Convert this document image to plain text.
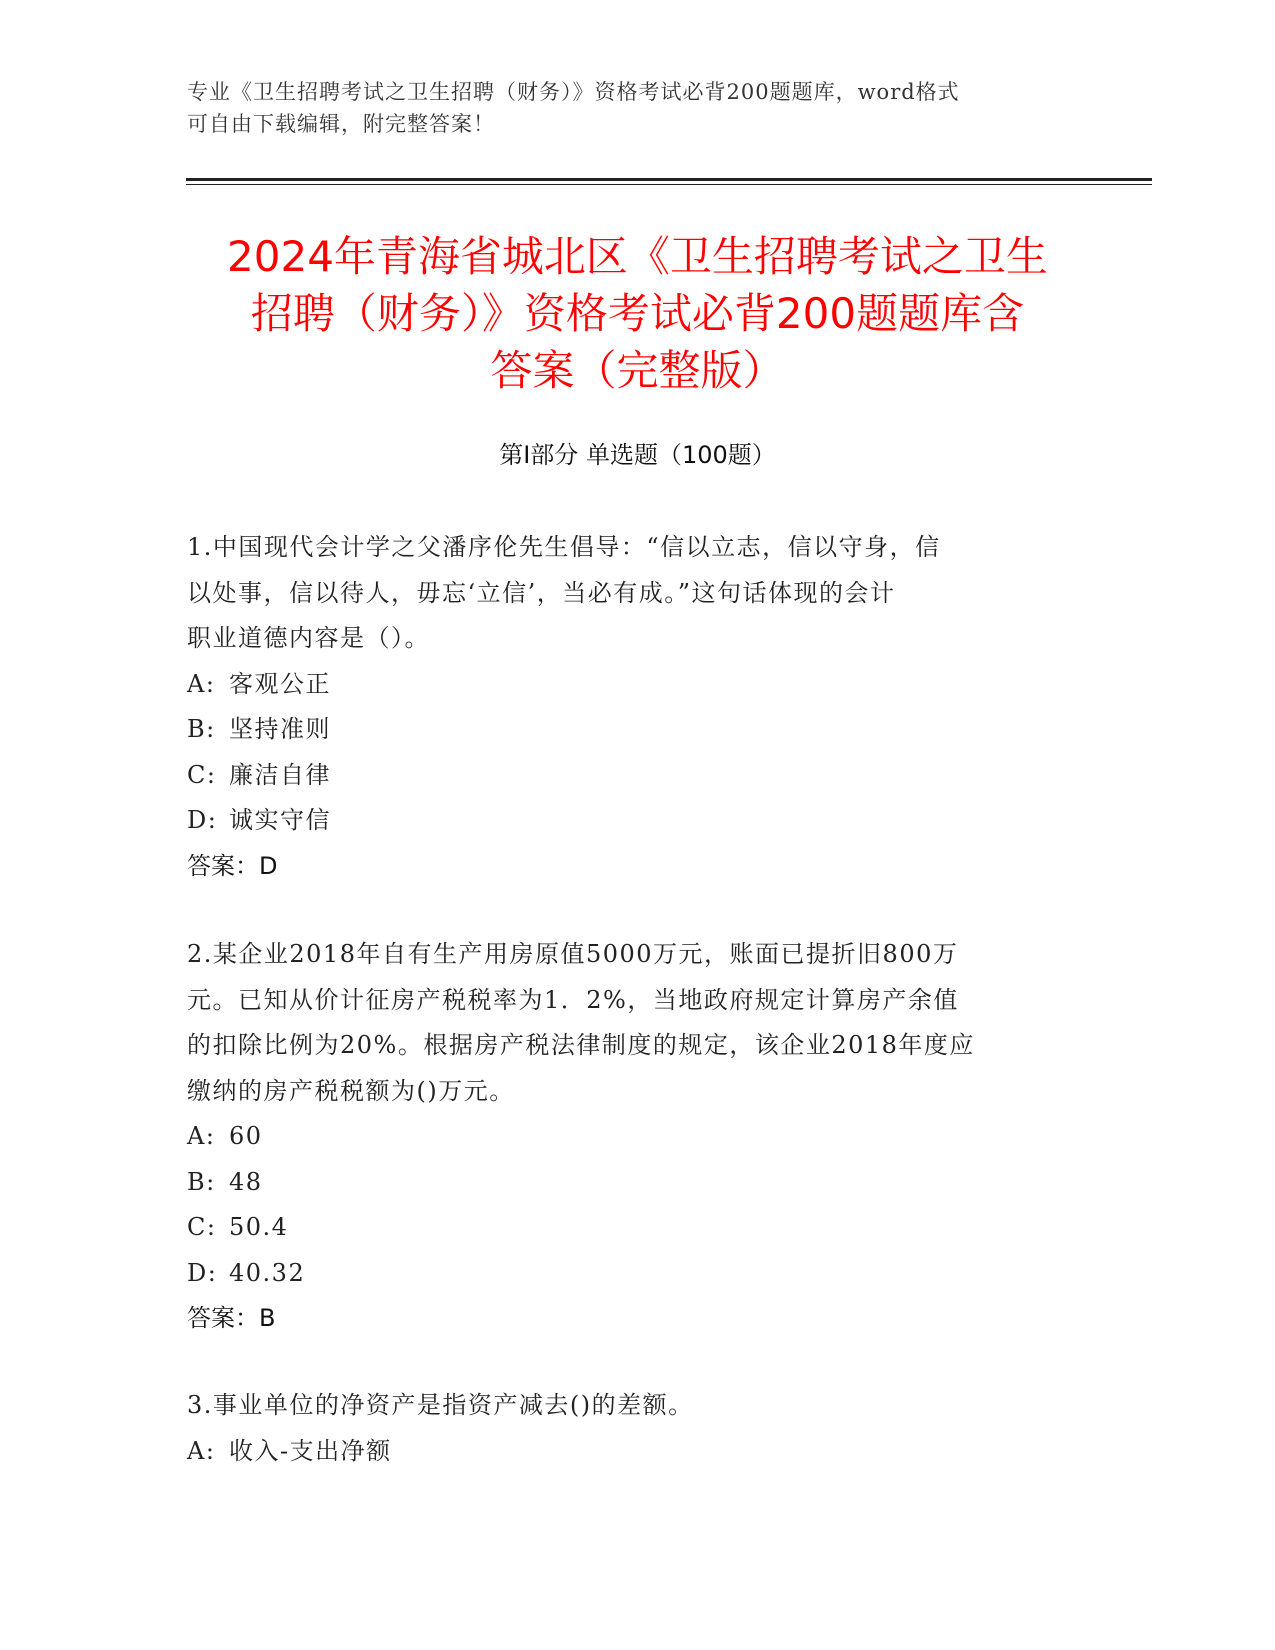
专业《卫生招聘考试之卫生招聘（财务）》资格考试必背200题题库，word格式
可自由下载编辑，附完整答案！
2024年青海省城北区《卫生招聘考试之卫生
招聘（财务）》资格考试必背200题题库含
答案（完整版）
第Ⅰ部分 单选题（100题）
1.中国现代会计学之父潘序伦先生倡导：“信以立志，信以守身，信
以处事，信以待人，毋忘‘立信’，当必有成。”这句话体现的会计
职业道德内容是（）。
A: 客观公正
B: 坚持准则
C: 廉洁自律
D: 诚实守信
答案：D
2.某企业2018年自有生产用房原值5000万元，账面已提折旧800万
元。已知从价计征房产税税率为1．2%，当地政府规定计算房产余值
的扣除比例为20%。根据房产税法律制度的规定，该企业2018年度应
缴纳的房产税税额为()万元。
A: 60
B: 48
C: 50.4
D: 40.32
答案：B
3.事业单位的净资产是指资产减去()的差额。
A: 收入-支出净额
